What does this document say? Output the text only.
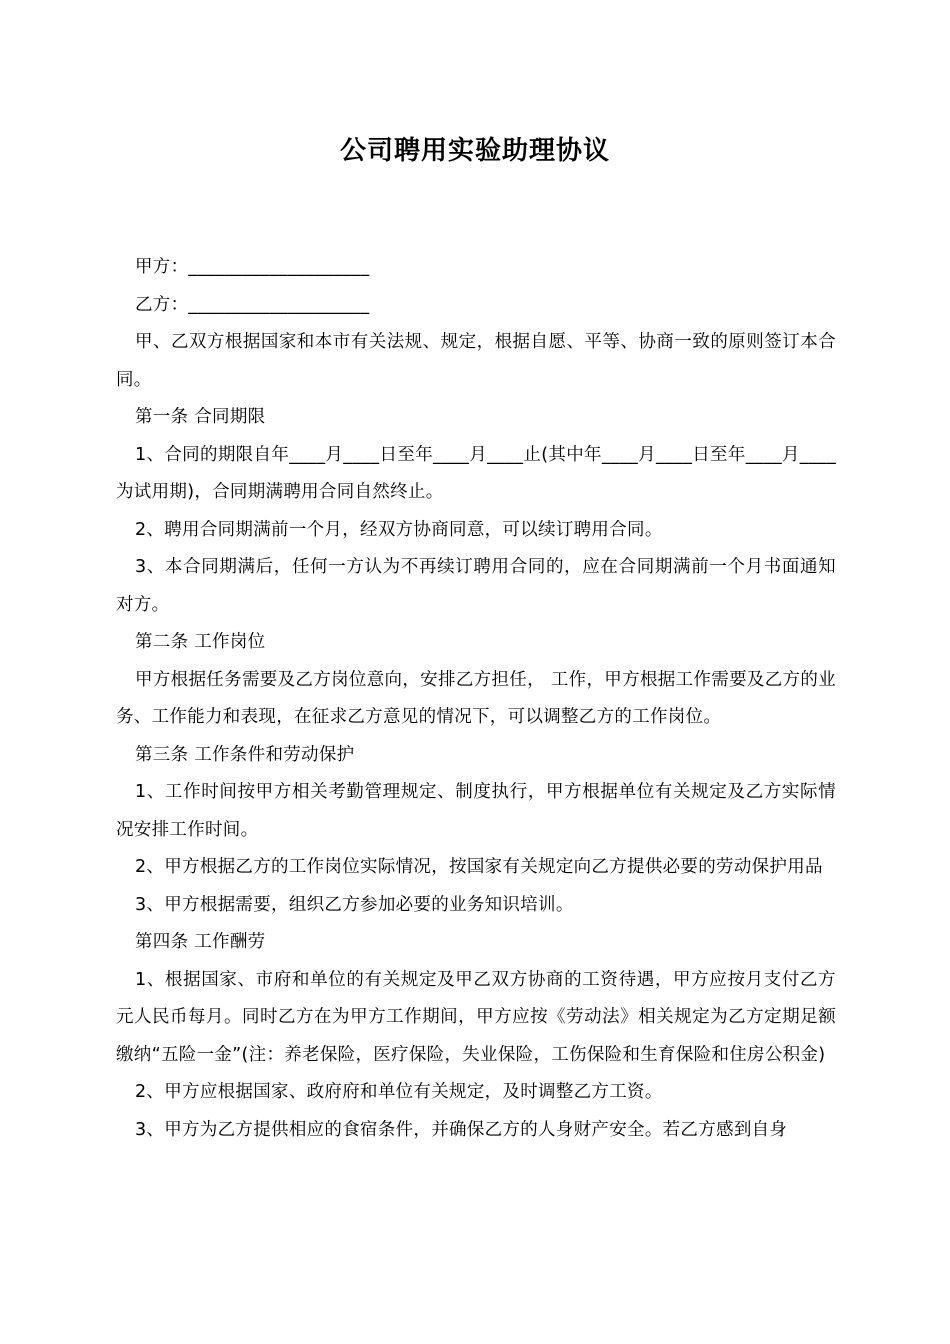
公司聘用实验助理协议

甲方：____________________

乙方：____________________

甲、乙双方根据国家和本市有关法规、规定，根据自愿、平等、协商一致的原则签订本合同。

第一条 合同期限

1、合同的期限自年____月____日至年____月____止(其中年____月____日至年____月____为试用期)，合同期满聘用合同自然终止。

2、聘用合同期满前一个月，经双方协商同意，可以续订聘用合同。

3、本合同期满后，任何一方认为不再续订聘用合同的，应在合同期满前一个月书面通知对方。

第二条 工作岗位

甲方根据任务需要及乙方岗位意向，安排乙方担任， 工作，甲方根据工作需要及乙方的业务、工作能力和表现，在征求乙方意见的情况下，可以调整乙方的工作岗位。

第三条 工作条件和劳动保护

1、工作时间按甲方相关考勤管理规定、制度执行，甲方根据单位有关规定及乙方实际情况安排工作时间。

2、甲方根据乙方的工作岗位实际情况，按国家有关规定向乙方提供必要的劳动保护用品

3、甲方根据需要，组织乙方参加必要的业务知识培训。

第四条 工作酬劳

1、根据国家、市府和单位的有关规定及甲乙双方协商的工资待遇，甲方应按月支付乙方 元人民币每月。同时乙方在为甲方工作期间，甲方应按《劳动法》相关规定为乙方定期足额缴纳“五险一金”(注：养老保险，医疗保险，失业保险，工伤保险和生育保险和住房公积金)

2、甲方应根据国家、政府府和单位有关规定，及时调整乙方工资。

3、甲方为乙方提供相应的食宿条件，并确保乙方的人身财产安全。若乙方感到自身
